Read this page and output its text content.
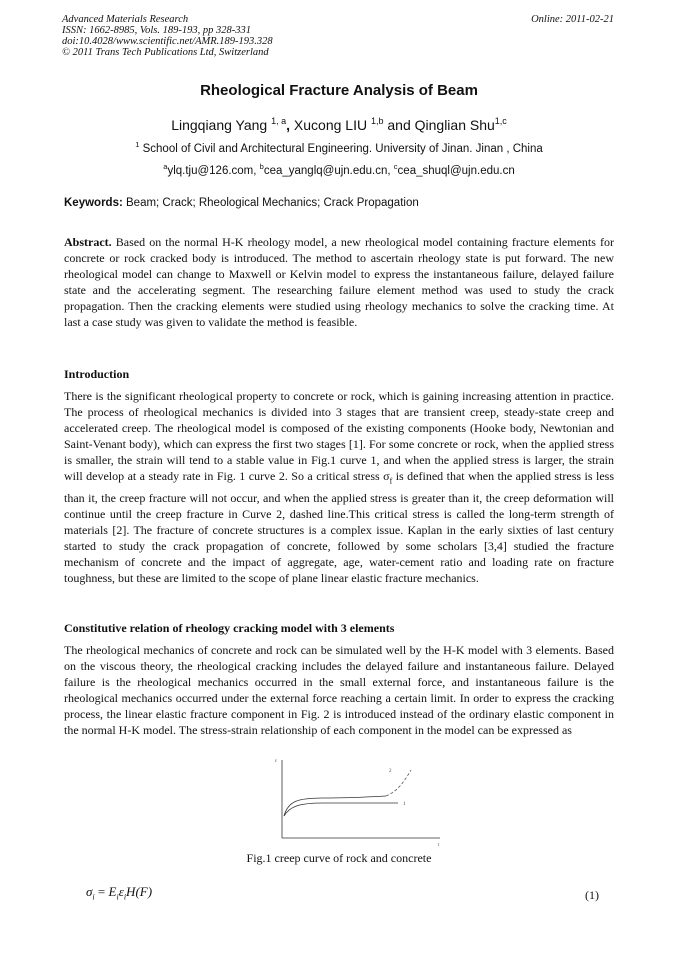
Advanced Materials Research
ISSN: 1662-8985, Vols. 189-193, pp 328-331
doi:10.4028/www.scientific.net/AMR.189-193.328
© 2011 Trans Tech Publications Ltd, Switzerland
Online: 2011-02-21
Rheological Fracture Analysis of Beam
Lingqiang Yang $^{1, a}$, Xucong LIU $^{1,b}$ and Qinglian Shu$^{1,c}$
$^1$ School of Civil and Architectural Engineering. University of Jinan. Jinan , China
$^a$ylq.tju@126.com, $^b$cea_yanglq@ujn.edu.cn, $^c$cea_shuql@ujn.edu.cn
Keywords: Beam; Crack; Rheological Mechanics; Crack Propagation

Abstract. Based on the normal H-K rheology model, a new rheological model containing fracture elements for concrete or rock cracked body is introduced. The method to ascertain rheology state is put forward. The new rheological model can change to Maxwell or Kelvin model to express the instantaneous failure, delayed failure state and the accelerating segment. The researching failure element method was used to study the crack propagation. Then the cracking elements were studied using rheology mechanics to solve the cracking time. At last a case study was given to validate the method is feasible.

Introduction

There is the significant rheological property to concrete or rock, which is gaining increasing attention in practice. The process of rheological mechanics is divided into 3 stages that are transient creep, steady-state creep and accelerated creep. The rheological model is composed of the existing components (Hooke body, Newtonian and Saint-Venant body), which can express the first two stages [1]. For some concrete or rock, when the applied stress is smaller, the strain will tend to a stable value in Fig.1 curve 1, and when the applied stress is larger, the strain will develop at a steady rate in Fig. 1 curve 2. So a critical stress $\sigma_f$ is defined that when the applied stress is less than it, the creep fracture will not occur, and when the applied stress is greater than it, the creep deformation will continue until the creep fracture in Curve 2, dashed line.This critical stress is called the long-term strength of materials [2]. The fracture of concrete structures is a complex issue. Kaplan in the early sixties of last century started to study the crack propagation of concrete, followed by some scholars [3,4] studied the fracture mechanism of concrete and the impact of aggregate, age, water-cement ratio and loading rate on fracture toughness, but these are limited to the scope of plane linear elastic fracture mechanics.

Constitutive relation of rheology cracking model with 3 elements

The rheological mechanics of concrete and rock can be simulated well by the H-K model with 3 elements. Based on the viscous theory, the rheological cracking includes the delayed failure and instantaneous failure. Delayed failure is the rheological mechanics occurred in the small external force, and instantaneous failure is the rheological mechanics occurred under the external force reaching a certain limit. In order to express the cracking process, the linear elastic fracture component in Fig. 2 is introduced instead of the ordinary elastic component in the normal H-K model. The stress-strain relationship of each component in the model can be expressed as

ε
t
1
2
Fig.1 creep curve of rock and concrete
$\sigma_i = E_i\varepsilon_iH(F)$	(1)
